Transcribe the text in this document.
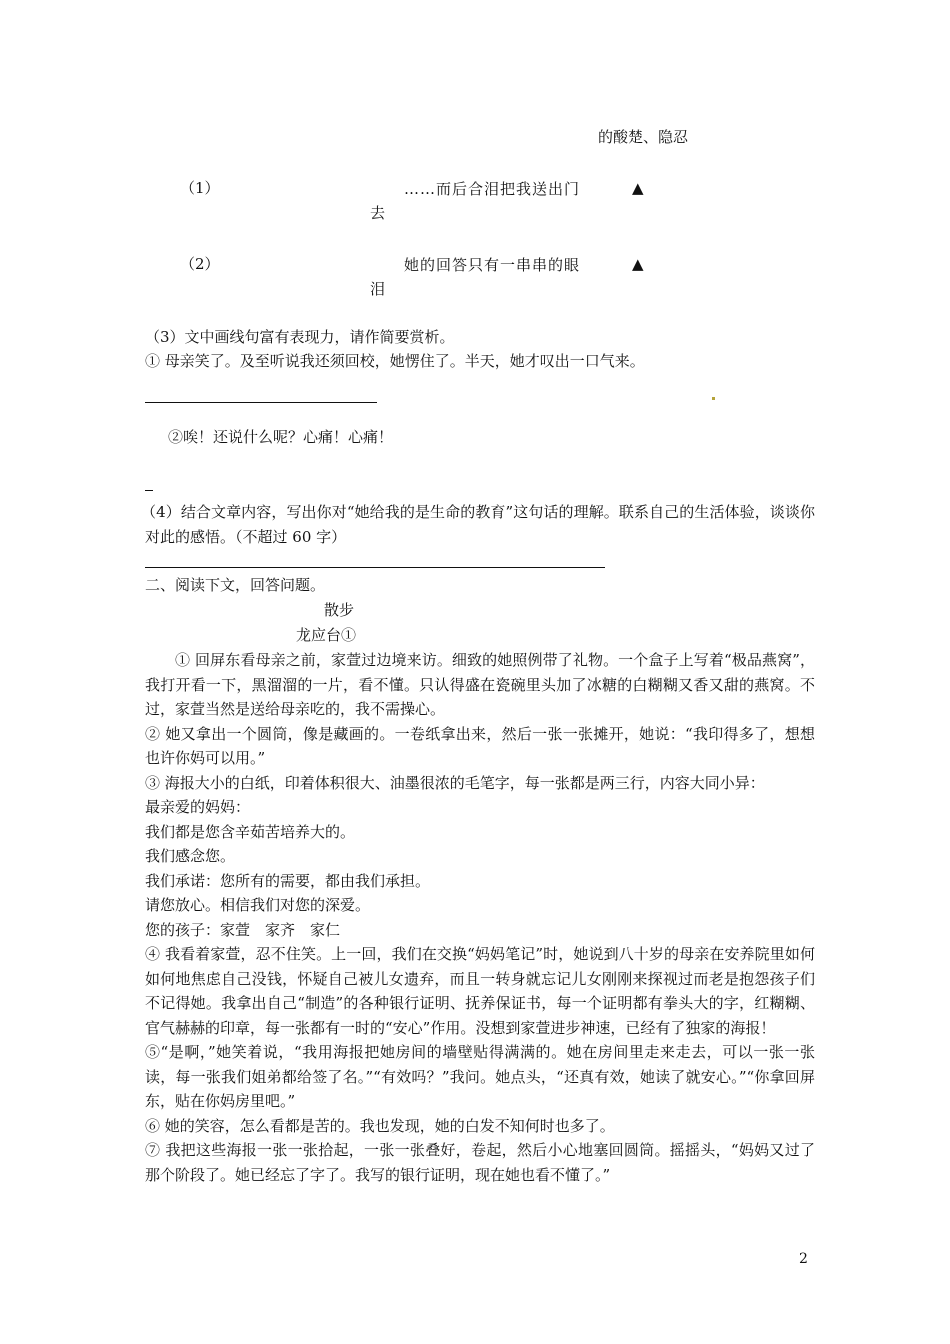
的酸楚、隐忍
（1）	……而后合泪把我送出门去
▲
（2）	她的回答只有一串串的眼泪
▲
（3）文中画线句富有表现力，请作简要赏析。
① 母亲笑了。及至听说我还须回校，她愣住了。半天，她才叹出一口气来。
②唉！还说什么呢？心痛！心痛！
（4）结合文章内容，写出你对“她给我的是生命的教育”这句话的理解。联系自己的生活体验，谈谈你对此的感悟。（不超过 60 字）
二、阅读下文，回答问题。
散步
龙应台①

① 回屏东看母亲之前，家萱过边境来访。细致的她照例带了礼物。一个盒子上写着“极品燕窝”，我打开看一下，黑溜溜的一片，看不懂。只认得盛在瓷碗里头加了冰糖的白糊糊又香又甜的燕窝。不过，家萱当然是送给母亲吃的，我不需操心。

② 她又拿出一个圆筒，像是藏画的。一卷纸拿出来，然后一张一张摊开，她说：“我印得多了，想想也许你妈可以用。”

③ 海报大小的白纸，印着体积很大、油墨很浓的毛笔字，每一张都是两三行，内容大同小异：

最亲爱的妈妈：

我们都是您含辛茹苦培养大的。

我们感念您。

我们承诺：您所有的需要，都由我们承担。

请您放心。相信我们对您的深爱。

您的孩子：家萱　家齐　家仁

④ 我看着家萱，忍不住笑。上一回，我们在交换“妈妈笔记”时，她说到八十岁的母亲在安养院里如何如何地焦虑自己没钱，怀疑自己被儿女遗弃，而且一转身就忘记儿女刚刚来探视过而老是抱怨孩子们不记得她。我拿出自己“制造”的各种银行证明、抚养保证书，每一个证明都有拳头大的字，红糊糊、官气赫赫的印章，每一张都有一时的“安心”作用。没想到家萱进步神速，已经有了独家的海报！

⑤“是啊，”她笑着说，“我用海报把她房间的墙壁贴得满满的。她在房间里走来走去，可以一张一张读，每一张我们姐弟都给签了名。”“有效吗？”我问。她点头，“还真有效，她读了就安心。”“你拿回屏东，贴在你妈房里吧。”

⑥ 她的笑容，怎么看都是苦的。我也发现，她的白发不知何时也多了。

⑦ 我把这些海报一张一张拾起，一张一张叠好，卷起，然后小心地塞回圆筒。摇摇头，“妈妈又过了那个阶段了。她已经忘了字了。我写的银行证明，现在她也看不懂了。”

2
